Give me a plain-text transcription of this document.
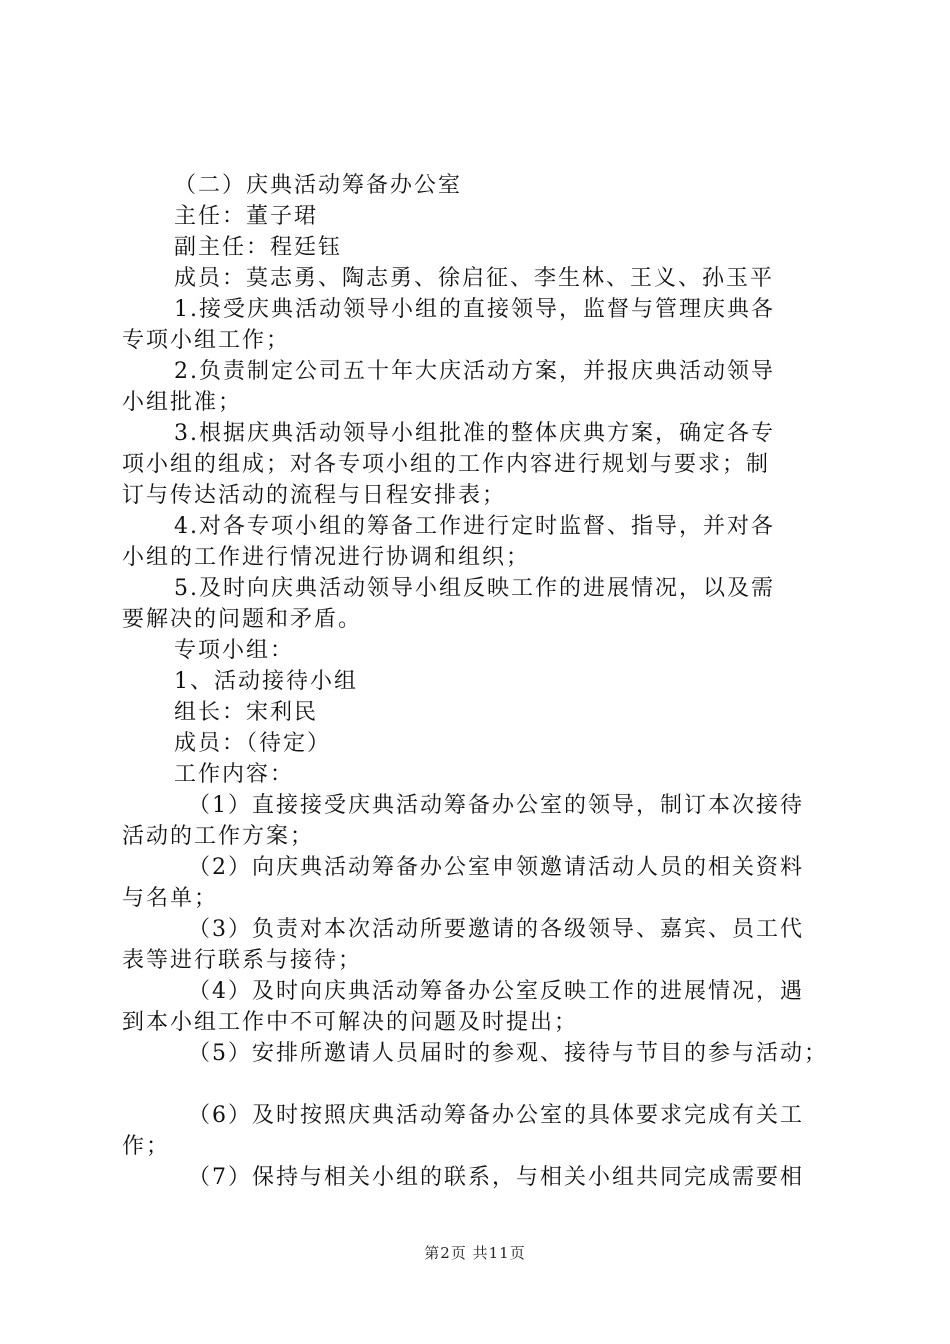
（二）庆典活动筹备办公室
主任：董子珺
副主任：程廷钰
成员：莫志勇、陶志勇、徐启征、李生林、王义、孙玉平
1.接受庆典活动领导小组的直接领导，监督与管理庆典各
专项小组工作；
2.负责制定公司五十年大庆活动方案，并报庆典活动领导
小组批准；
3.根据庆典活动领导小组批准的整体庆典方案，确定各专
项小组的组成；对各专项小组的工作内容进行规划与要求；制
订与传达活动的流程与日程安排表；
4.对各专项小组的筹备工作进行定时监督、指导，并对各
小组的工作进行情况进行协调和组织；
5.及时向庆典活动领导小组反映工作的进展情况，以及需
要解决的问题和矛盾。
专项小组：
1、活动接待小组
组长：宋利民
成员：（待定）
工作内容：
（1）直接接受庆典活动筹备办公室的领导，制订本次接待
活动的工作方案；
（2）向庆典活动筹备办公室申领邀请活动人员的相关资料
与名单；
（3）负责对本次活动所要邀请的各级领导、嘉宾、员工代
表等进行联系与接待；
（4）及时向庆典活动筹备办公室反映工作的进展情况，遇
到本小组工作中不可解决的问题及时提出；
（5）安排所邀请人员届时的参观、接待与节目的参与活动；
（6）及时按照庆典活动筹备办公室的具体要求完成有关工
作；
（7）保持与相关小组的联系，与相关小组共同完成需要相
第2页 共11页
